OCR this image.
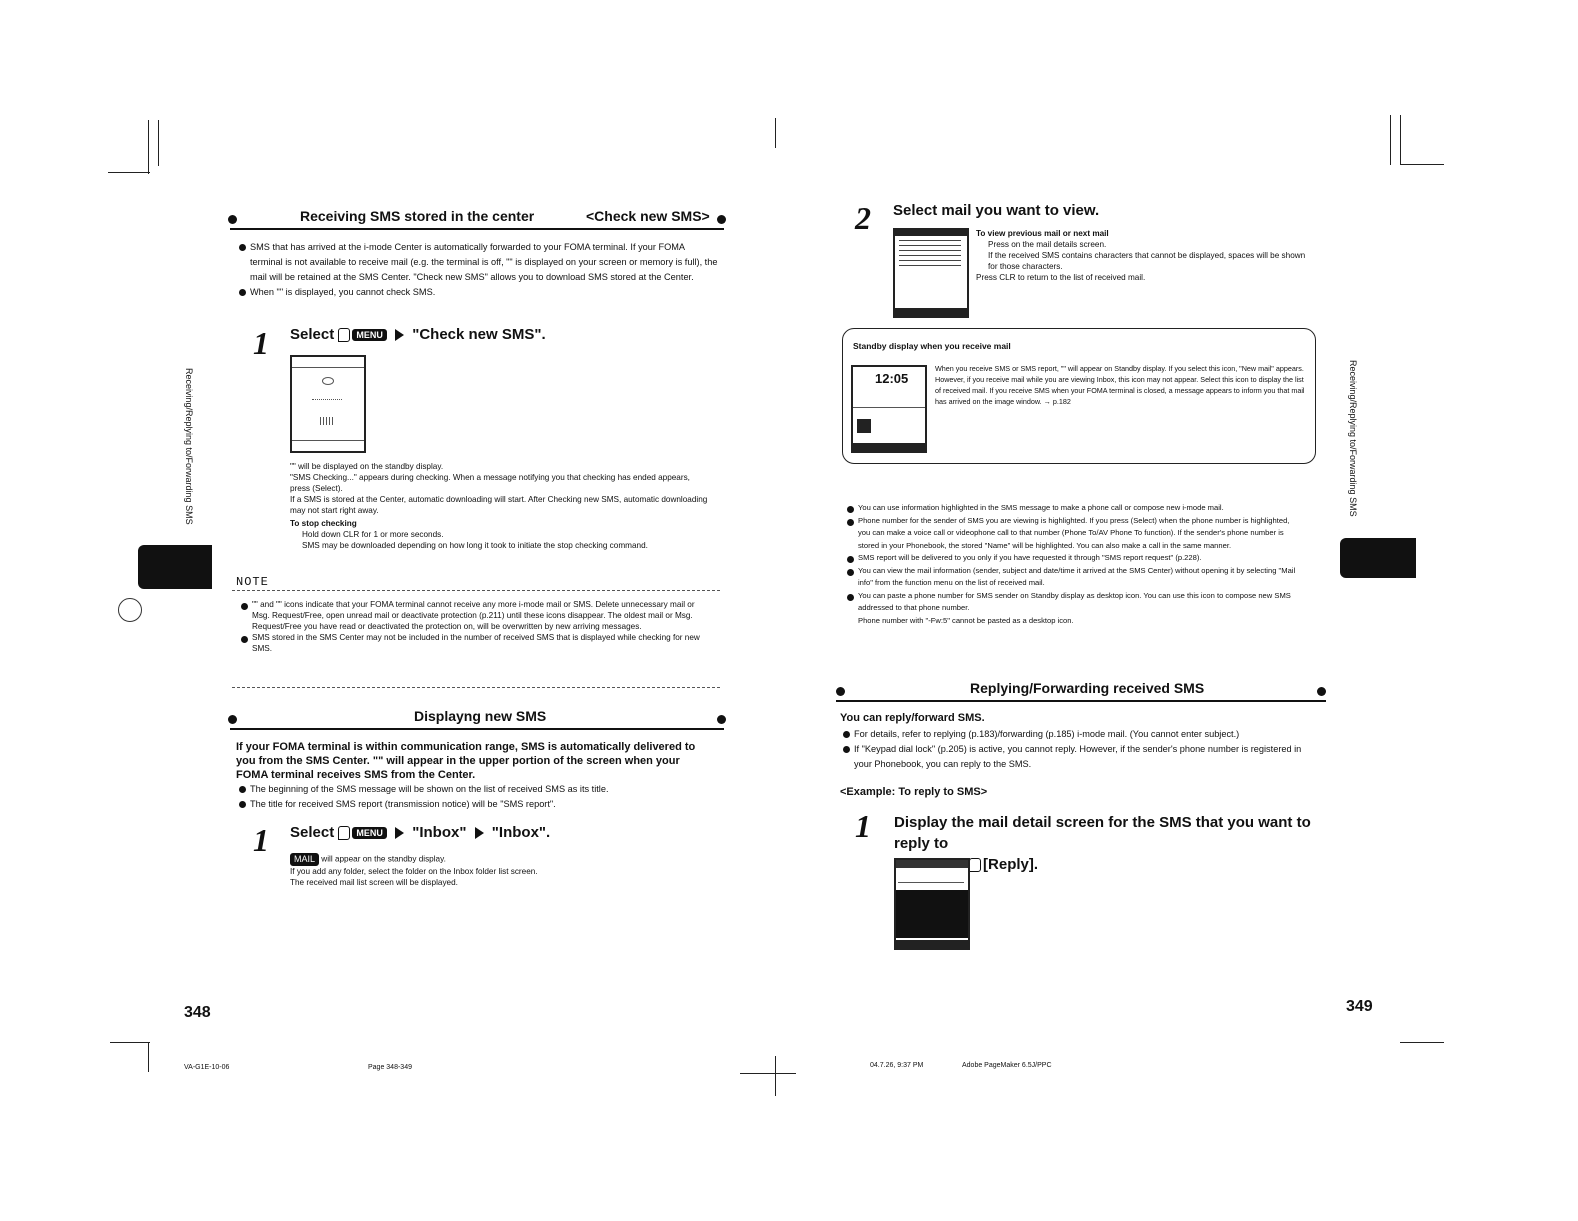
Receiving SMS stored in the center	<Check new SMS>

SMS that has arrived at the i-mode Center is automatically forwarded to your FOMA terminal. If your FOMA terminal is not available to receive mail (e.g. the terminal is off, "" is displayed on your screen or memory is full), the mail will be retained at the SMS Center. "Check new SMS" allows you to download SMS stored at the Center.

When "" is displayed, you cannot check SMS.

1 Select MENU "Check new SMS".

"" will be displayed on the standby display.

"SMS Checking..." appears during checking. When a message notifying you that checking has ended appears, press (Select).

If a SMS is stored at the Center, automatic downloading will start. After Checking new SMS, automatic downloading may not start right away.

To stop checking

Hold down CLR for 1 or more seconds.

SMS may be downloaded depending on how long it took to initiate the stop checking command.

NOTE

"" and "" icons indicate that your FOMA terminal cannot receive any more i-mode mail or SMS. Delete unnecessary mail or Msg. Request/Free, open unread mail or deactivate protection (p.211) until these icons disappear. The oldest mail or Msg. Request/Free you have read or deactivated the protection on, will be overwritten by new arriving messages.

SMS stored in the SMS Center may not be included in the number of received SMS that is displayed while checking for new SMS.

Displayng new SMS
If your FOMA terminal is within communication range, SMS is automatically delivered to you from the SMS Center. "" will appear in the upper portion of the screen when your FOMA terminal receives SMS from the Center.

The beginning of the SMS message will be shown on the list of received SMS as its title.

The title for received SMS report (transmission notice) will be "SMS report".

1 Select MENU "Inbox" "Inbox".

MAIL will appear on the standby display.

If you add any folder, select the folder on the Inbox folder list screen.

The received mail list screen will be displayed.

Receiving/Replying to/Forwarding SMS
348
VA-G1E-10-06	Page 348-349
2 Select mail you want to view.

To view previous mail or next mail

Press on the mail details screen.

If the received SMS contains characters that cannot be displayed, spaces will be shown for those characters.

Press CLR to return to the list of received mail.

Standby display when you receive mail
12:05
When you receive SMS or SMS report, "" will appear on Standby display. If you select this icon, "New mail" appears. However, if you receive mail while you are viewing Inbox, this icon may not appear. Select this icon to display the list of received mail. If you receive SMS when your FOMA terminal is closed, a message appears to inform you that mail has arrived on the image window. → p.182

You can use information highlighted in the SMS message to make a phone call or compose new i-mode mail.

Phone number for the sender of SMS you are viewing is highlighted. If you press (Select) when the phone number is highlighted, you can make a voice call or videophone call to that number (Phone To/AV Phone To function). If the sender's phone number is stored in your Phonebook, the stored "Name" will be highlighted. You can also make a call in the same manner.

SMS report will be delivered to you only if you have requested it through "SMS report request" (p.228).

You can view the mail information (sender, subject and date/time it arrived at the SMS Center) without opening it by selecting "Mail info" from the function menu on the list of received mail.

You can paste a phone number for SMS sender on Standby display as desktop icon. You can use this icon to compose new SMS addressed to that phone number.

Phone number with "-Fw:5" cannot be pasted as a desktop icon.

Replying/Forwarding received SMS
You can reply/forward SMS.

For details, refer to replying (p.183)/forwarding (p.185) i-mode mail. (You cannot enter subject.)

If "Keypad dial lock" (p.205) is active, you cannot reply. However, if the sender's phone number is registered in your Phonebook, you can reply to the SMS.

<Example: To reply to SMS>
1 Display the mail detail screen for the SMS that you want to reply to
[Reply].
Receiving/Replying to/Forwarding SMS
349
04.7.26, 9:37 PM	Adobe PageMaker 6.5J/PPC
